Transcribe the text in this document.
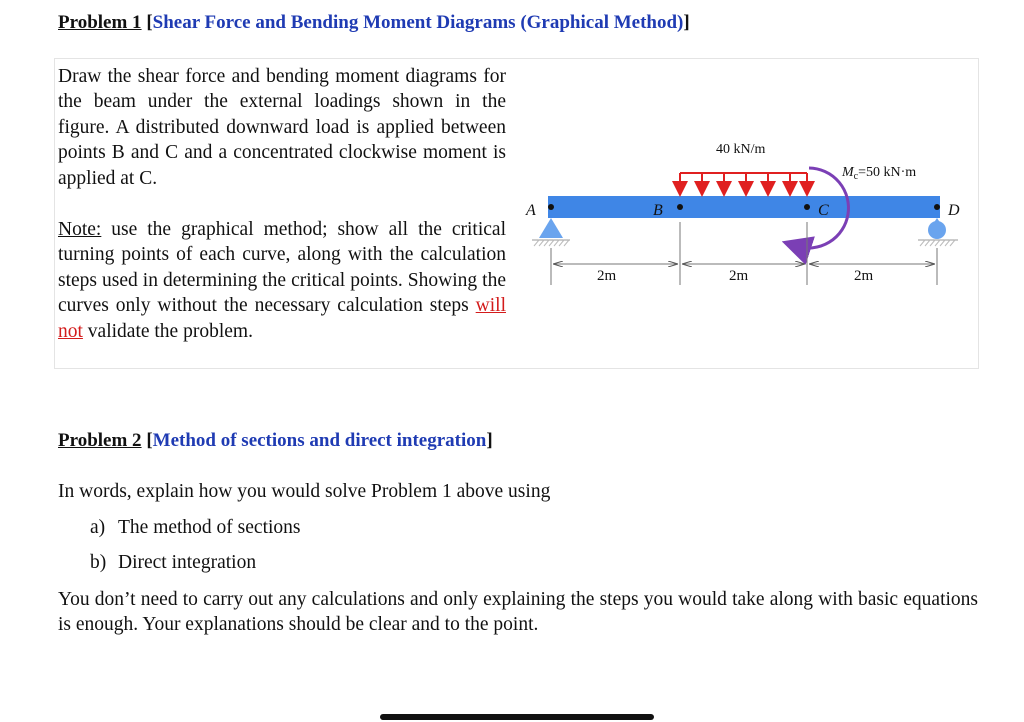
Problem 1 [Shear Force and Bending Moment Diagrams (Graphical Method)]
Draw the shear force and bending moment diagrams for the beam under the external loadings shown in the figure. A distributed downward load is applied between points B and C and a concentrated clockwise moment is applied at C.
Note: use the graphical method; show all the critical turning points of each curve, along with the calculation steps used in determining the critical points. Showing the curves only without the necessary calculation steps will not validate the problem.
A	B	C	D
40 kN/m
$M_c=50$ kN·m
2m	2m	2m
Problem 2 [Method of sections and direct integration]
In words, explain how you would solve Problem 1 above using
a) The method of sections
b) Direct integration
You don’t need to carry out any calculations and only explaining the steps you would take along with basic equations is enough. Your explanations should be clear and to the point.
